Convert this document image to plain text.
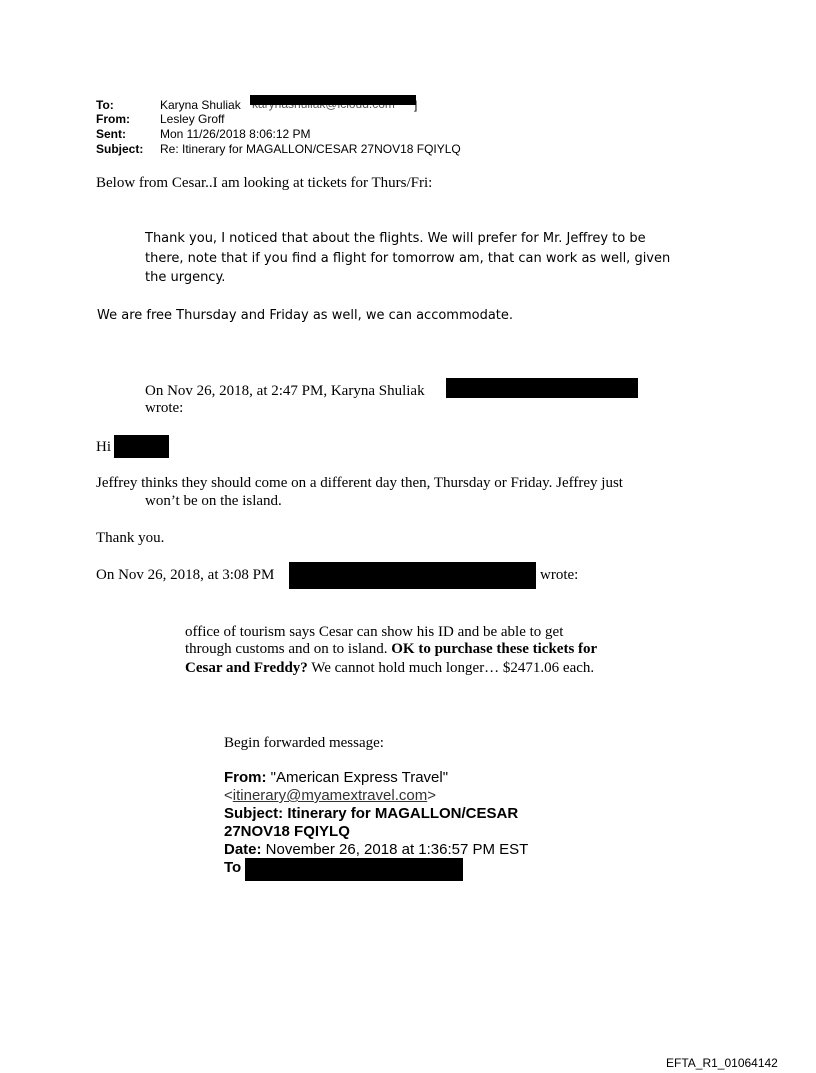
To:	Karyna Shuliak	]
From:	Lesley Groff
Sent:	Mon 11/26/2018 8:06:12 PM
Subject: Re: Itinerary for MAGALLON/CESAR 27NOV18 FQIYLQ
Below from Cesar..I am looking at tickets for Thurs/Fri:
Thank you, I noticed that about the flights. We will prefer for Mr. Jeffrey to be
there, note that if you find a flight for tomorrow am, that can work as well, given
the urgency.
We are free Thursday and Friday as well, we can accommodate.
On Nov 26, 2018, at 2:47 PM, Karyna Shuliak
wrote:
Hi
Jeffrey thinks they should come on a different day then, Thursday or Friday. Jeffrey just
won’t be on the island.
Thank you.
On Nov 26, 2018, at 3:08 PM	wrote:
office of tourism says Cesar can show his ID and be able to get
through customs and on to island. OK to purchase these tickets for
Cesar and Freddy? We cannot hold much longer… $2471.06 each.
Begin forwarded message:
From: "American Express Travel"
<itinerary@myamextravel.com>
Subject: Itinerary for MAGALLON/CESAR
27NOV18 FQIYLQ
Date: November 26, 2018 at 1:36:57 PM EST
To
EFTA_R1_01064142
